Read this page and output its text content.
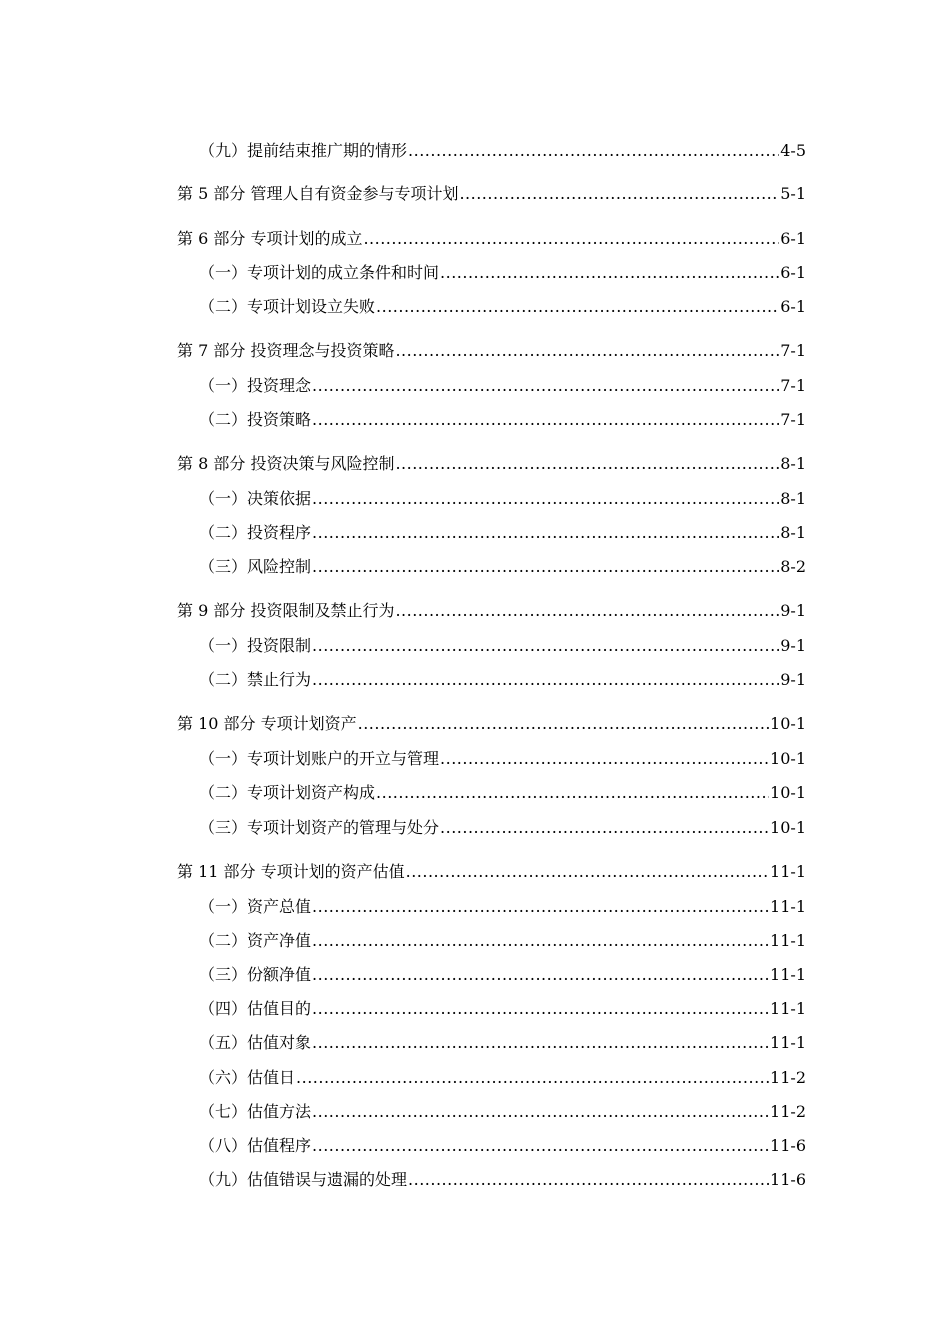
（九）提前结束推广期的情形 .....	4-5
第 5 部分 管理人自有资金参与专项计划 .....	5-1
第 6 部分 专项计划的成立 .....	6-1
（一）专项计划的成立条件和时间 .....	6-1
（二）专项计划设立失败 .....	6-1
第 7 部分 投资理念与投资策略 .....	7-1
（一）投资理念 .....	7-1
（二）投资策略 .....	7-1
第 8 部分 投资决策与风险控制 .....	8-1
（一）决策依据 .....	8-1
（二）投资程序 .....	8-1
（三）风险控制 .....	8-2
第 9 部分 投资限制及禁止行为 .....	9-1
（一）投资限制 .....	9-1
（二）禁止行为 .....	9-1
第 10 部分 专项计划资产 .....	10-1
（一）专项计划账户的开立与管理 .....	10-1
（二）专项计划资产构成 .....	10-1
（三）专项计划资产的管理与处分 .....	10-1
第 11 部分 专项计划的资产估值 .....	11-1
（一）资产总值 .....	11-1
（二）资产净值 .....	11-1
（三）份额净值 .....	11-1
（四）估值目的 .....	11-1
（五）估值对象 .....	11-1
（六）估值日 .....	11-2
（七）估值方法 .....	11-2
（八）估值程序 .....	11-6
（九）估值错误与遗漏的处理 .....	11-6
